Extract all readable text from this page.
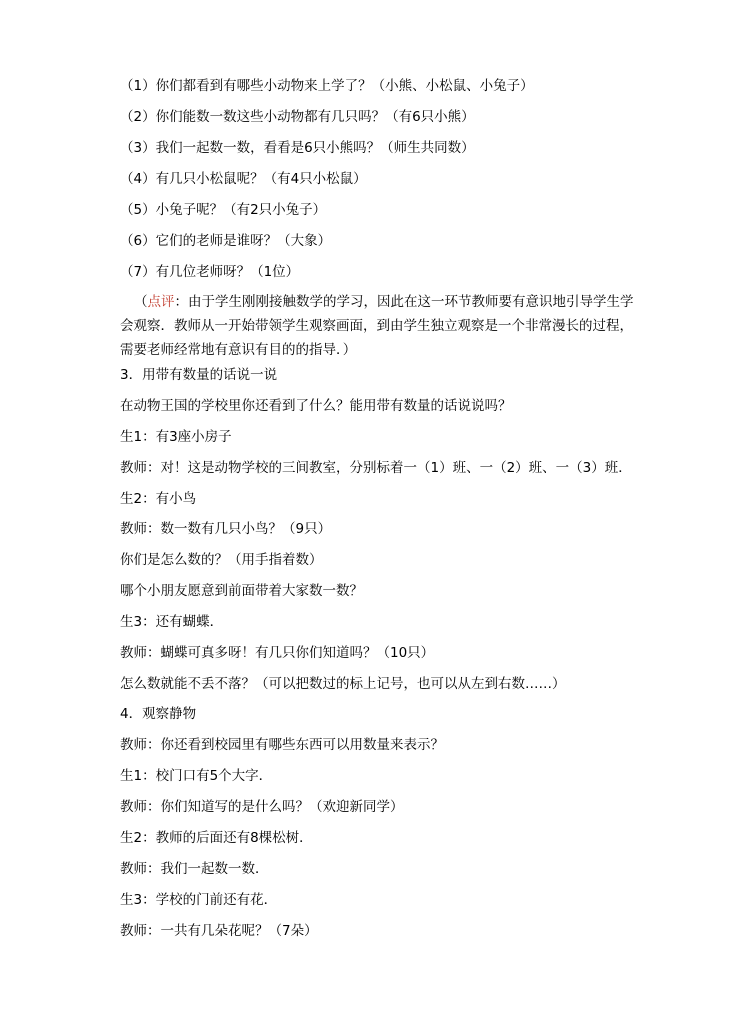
（1）你们都看到有哪些小动物来上学了？（小熊、小松鼠、小兔子）
（2）你们能数一数这些小动物都有几只吗？（有6只小熊）
（3）我们一起数一数，看看是6只小熊吗？（师生共同数）
（4）有几只小松鼠呢？（有4只小松鼠）
（5）小兔子呢？（有2只小兔子）
（6）它们的老师是谁呀？（大象）
（7）有几位老师呀？（1位）
（点评：由于学生刚刚接触数学的学习，因此在这一环节教师要有意识地引导学生学会观察．教师从一开始带领学生观察画面，到由学生独立观察是一个非常漫长的过程，需要老师经常地有意识有目的的指导．）
3．用带有数量的话说一说
在动物王国的学校里你还看到了什么？能用带有数量的话说说吗？
生1：有3座小房子
教师：对！这是动物学校的三间教室，分别标着一（1）班、一（2）班、一（3）班．
生2：有小鸟
教师：数一数有几只小鸟？（9只）
你们是怎么数的？（用手指着数）
哪个小朋友愿意到前面带着大家数一数？
生3：还有蝴蝶．
教师：蝴蝶可真多呀！有几只你们知道吗？（10只）
怎么数就能不丢不落？（可以把数过的标上记号，也可以从左到右数……）
4．观察静物
教师：你还看到校园里有哪些东西可以用数量来表示？
生1：校门口有5个大字．
教师：你们知道写的是什么吗？（欢迎新同学）
生2：教师的后面还有8棵松树．
教师：我们一起数一数．
生3：学校的门前还有花．
教师：一共有几朵花呢？（7朵）
